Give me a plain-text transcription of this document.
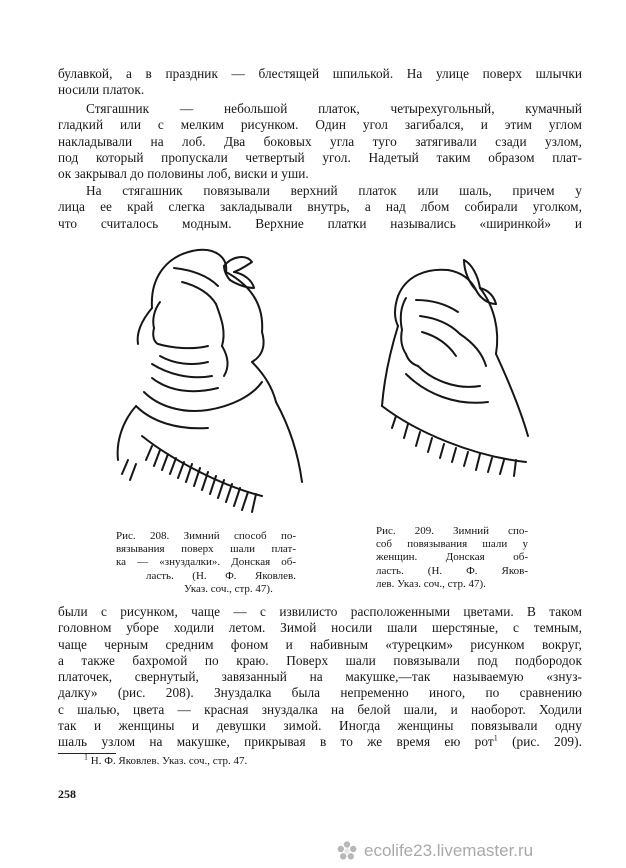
булавкой, а в праздник — блестящей шпилькой. На улице поверх шлычки
носили платок.

Стягашник — небольшой платок, четырехугольный, кумачный
гладкий или с мелким рисунком. Один угол загибался, и этим углом
накладывали на лоб. Два боковых угла туго затягивали сзади узлом,
под который пропускали четвертый угол. Надетый таким образом плат-
ок закрывал до половины лоб, виски и уши.

На стягашник повязывали верхний платок или шаль, причем у
лица ее край слегка закладывали внутрь, а над лбом собирали уголком,
что считалось модным. Верхние платки назывались «ширинкой» и

Рис. 208. Зимний способ по-
вязывания поверх шали плат-
ка — «знуздалки». Донская об-
ласть. (Н. Ф. Яковлев.
Указ. соч., стр. 47).

Рис. 209. Зимний спо-
соб повязывания шали у
женщин. Донская об-
ласть. (Н. Ф. Яков-
лев. Указ. соч., стр. 47).

были с рисунком, чаще — с извилисто расположенными цветами. В таком
головном уборе ходили летом. Зимой носили шали шерстяные, с темным,
чаще черным средним фоном и набивным «турецким» рисунком вокруг,
а также бахромой по краю. Поверх шали повязывали под подбородок
платочек, свернутый, завязанный на макушке,—так называемую «знуз-
далку» (рис. 208). Знуздалка была непременно иного, по сравнению
с шалью, цвета — красная знуздалка на белой шали, и наоборот. Ходили
так и женщины и девушки зимой. Иногда женщины повязывали одну
шаль узлом на макушке, прикрывая в то же время ею рот$^1$ (рис. 209).

$^1$ Н. Ф. Яковлев. Указ. соч., стр. 47.

258

ecolife23.livemaster.ru
